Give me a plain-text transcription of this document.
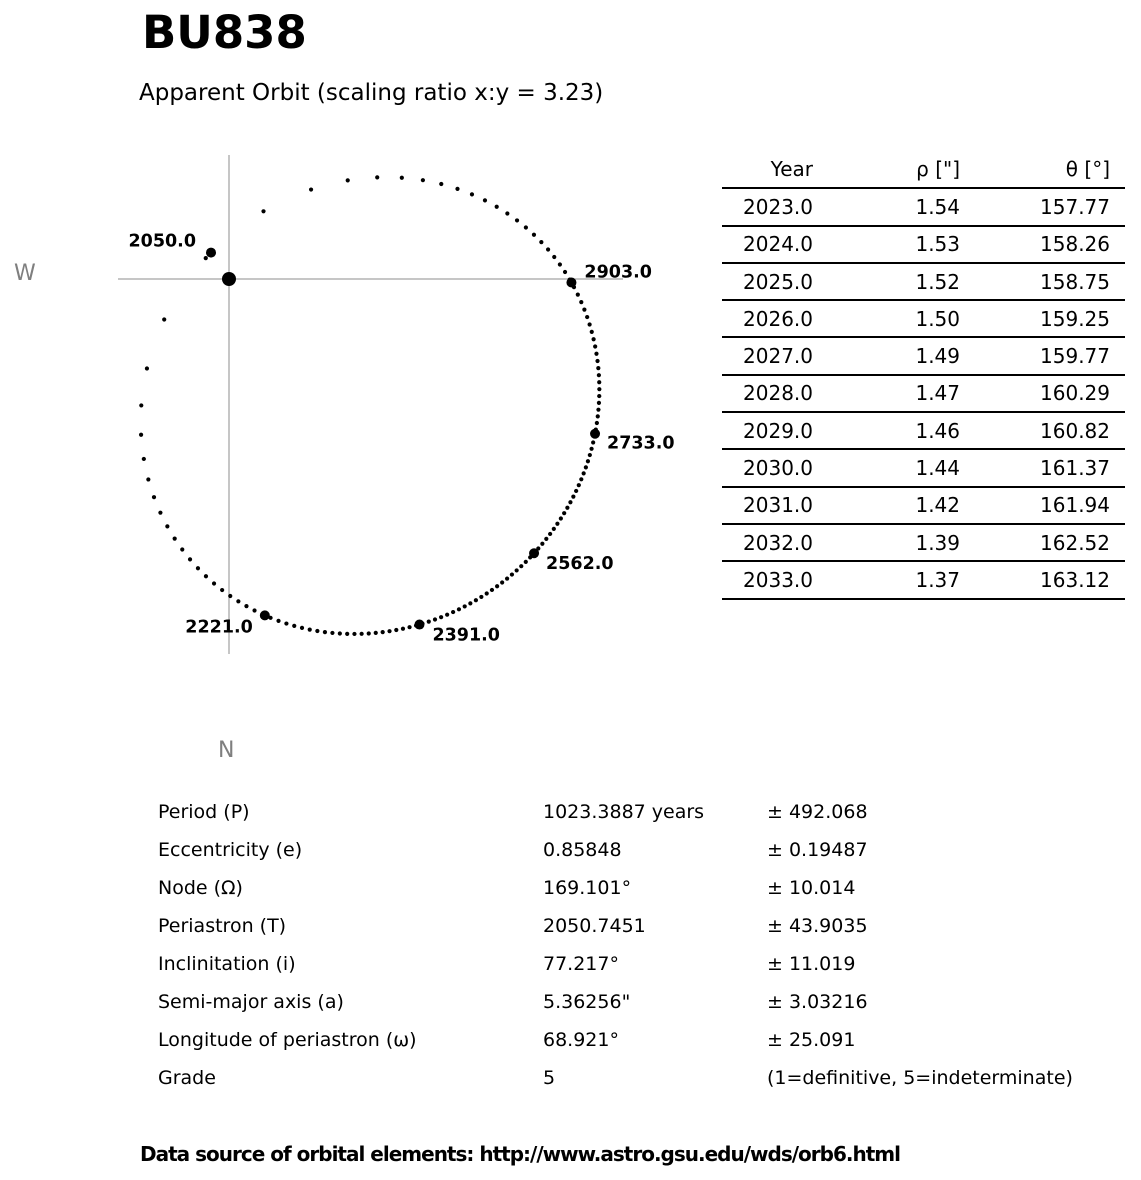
BU838
Apparent Orbit (scaling ratio x:y = 3.23)
2050.0
2221.0	2391.0
2562.0
2733.0
2903.0
W
N
Year	ρ ["]	θ [°]	
2023.0	1.54	157.77	
2024.0	1.53	158.26	
2025.0	1.52	158.75	
2026.0	1.50	159.25	
2027.0	1.49	159.77	
2028.0	1.47	160.29	
2029.0	1.46	160.82	
2030.0	1.44	161.37	
2031.0	1.42	161.94	
2032.0	1.39	162.52	
2033.0	1.37	163.12	
Period (P)	1023.3887 years	± 492.068
Eccentricity (e)	0.85848	± 0.19487
Node (Ω)	169.101°	± 10.014
Periastron (T)	2050.7451	± 43.9035
Inclinitation (i)	77.217°	± 11.019
Semi-major axis (a)	5.36256"	± 3.03216
Longitude of periastron (ω)	68.921°	± 25.091
Grade	5	(1=definitive, 5=indeterminate)
Data source of orbital elements: http://www.astro.gsu.edu/wds/orb6.html
